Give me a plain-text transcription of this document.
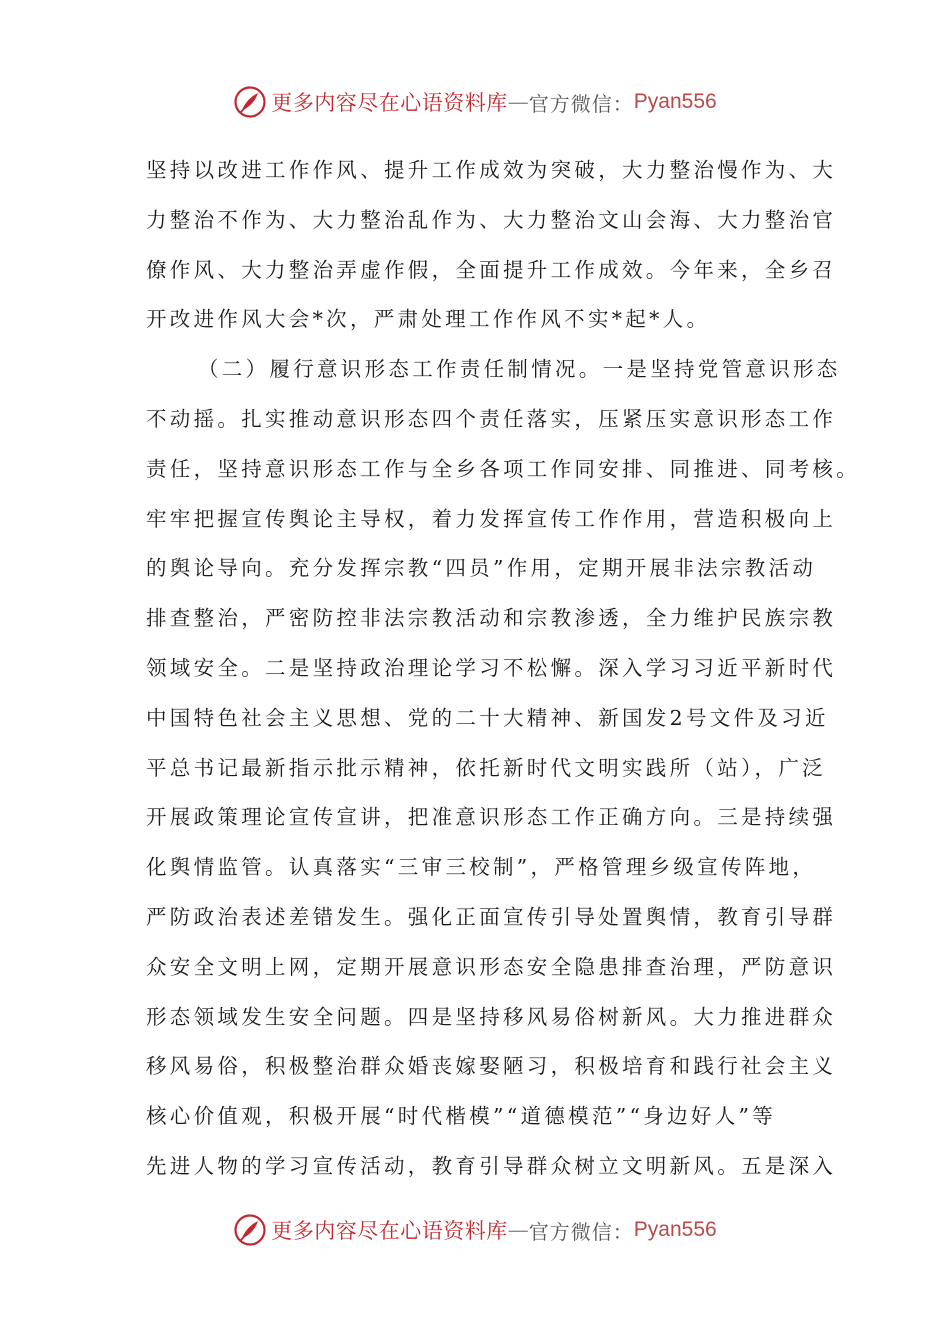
更多内容尽在心语资料库 — 官方微信： Pyan556
坚持以改进工作作风、提升工作成效为突破，大力整治慢作为、大
力整治不作为、大力整治乱作为、大力整治文山会海、大力整治官
僚作风、大力整治弄虚作假，全面提升工作成效。今年来，全乡召
开改进作风大会*次，严肃处理工作作风不实*起*人。
（二）履行意识形态工作责任制情况。一是坚持党管意识形态
不动摇。扎实推动意识形态四个责任落实，压紧压实意识形态工作
责任，坚持意识形态工作与全乡各项工作同安排、同推进、同考核。
牢牢把握宣传舆论主导权，着力发挥宣传工作作用，营造积极向上
的舆论导向。充分发挥宗教“四员”作用，定期开展非法宗教活动
排查整治，严密防控非法宗教活动和宗教渗透，全力维护民族宗教
领域安全。二是坚持政治理论学习不松懈。深入学习习近平新时代
中国特色社会主义思想、党的二十大精神、新国发2号文件及习近
平总书记最新指示批示精神，依托新时代文明实践所（站），广泛
开展政策理论宣传宣讲，把准意识形态工作正确方向。三是持续强
化舆情监管。认真落实“三审三校制”，严格管理乡级宣传阵地，
严防政治表述差错发生。强化正面宣传引导处置舆情，教育引导群
众安全文明上网，定期开展意识形态安全隐患排查治理，严防意识
形态领域发生安全问题。四是坚持移风易俗树新风。大力推进群众
移风易俗，积极整治群众婚丧嫁娶陋习，积极培育和践行社会主义
核心价值观，积极开展“时代楷模”“道德模范”“身边好人”等
先进人物的学习宣传活动，教育引导群众树立文明新风。五是深入
更多内容尽在心语资料库 — 官方微信： Pyan556
